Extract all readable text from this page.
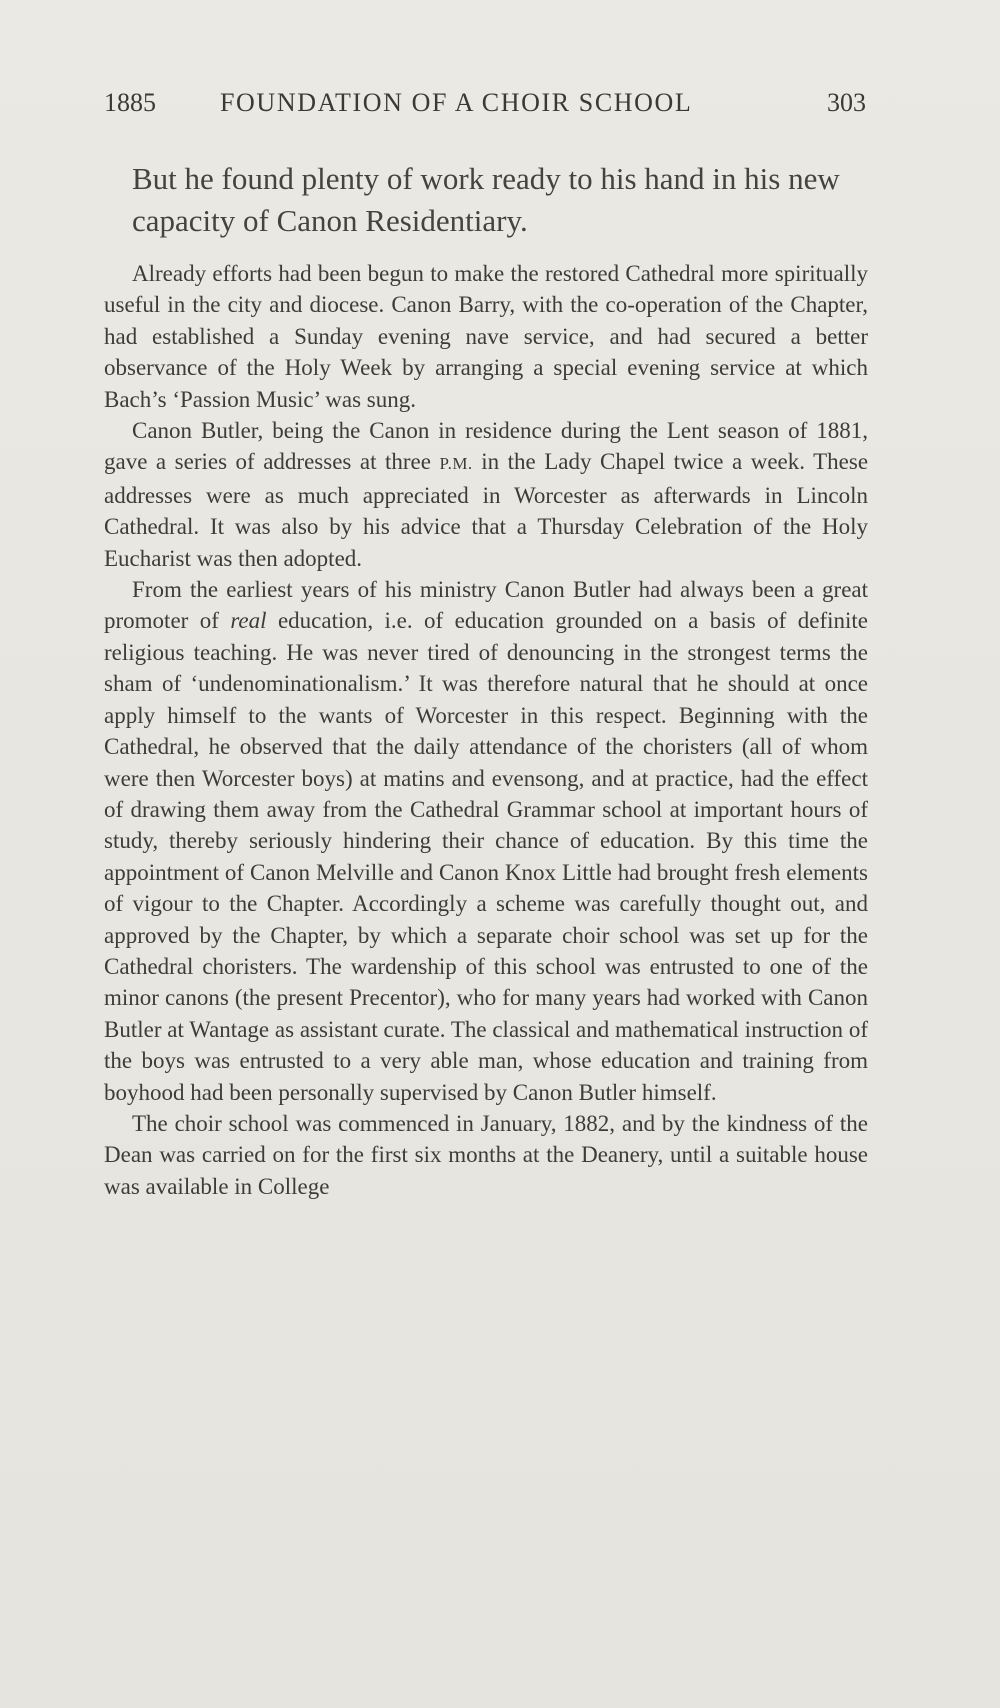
1885 FOUNDATION OF A CHOIR SCHOOL	303

But he found plenty of work ready to his hand in his new capacity of Canon Residentiary.

Already efforts had been begun to make the restored Cathedral more spiritually useful in the city and diocese. Canon Barry, with the co-operation of the Chapter, had established a Sunday evening nave service, and had secured a better observance of the Holy Week by arranging a special evening service at which Bach’s ‘Passion Music’ was sung.

Canon Butler, being the Canon in residence during the Lent season of 1881, gave a series of addresses at three P.M. in the Lady Chapel twice a week. These addresses were as much appreciated in Worcester as afterwards in Lincoln Cathedral. It was also by his advice that a Thursday Celebration of the Holy Eucharist was then adopted.

From the earliest years of his ministry Canon Butler had always been a great promoter of real education, i.e. of education grounded on a basis of definite religious teaching. He was never tired of denouncing in the strongest terms the sham of ‘undenominationalism.’ It was therefore natural that he should at once apply himself to the wants of Worcester in this respect. Beginning with the Cathedral, he observed that the daily attendance of the choristers (all of whom were then Worcester boys) at matins and evensong, and at practice, had the effect of drawing them away from the Cathedral Grammar school at important hours of study, thereby seriously hindering their chance of education. By this time the appointment of Canon Melville and Canon Knox Little had brought fresh elements of vigour to the Chapter. Accordingly a scheme was carefully thought out, and approved by the Chapter, by which a separate choir school was set up for the Cathedral choristers. The wardenship of this school was entrusted to one of the minor canons (the present Precentor), who for many years had worked with Canon Butler at Wantage as assistant curate. The classical and mathematical instruction of the boys was entrusted to a very able man, whose education and training from boyhood had been personally supervised by Canon Butler himself.

The choir school was commenced in January, 1882, and by the kindness of the Dean was carried on for the first six months at the Deanery, until a suitable house was available in College
